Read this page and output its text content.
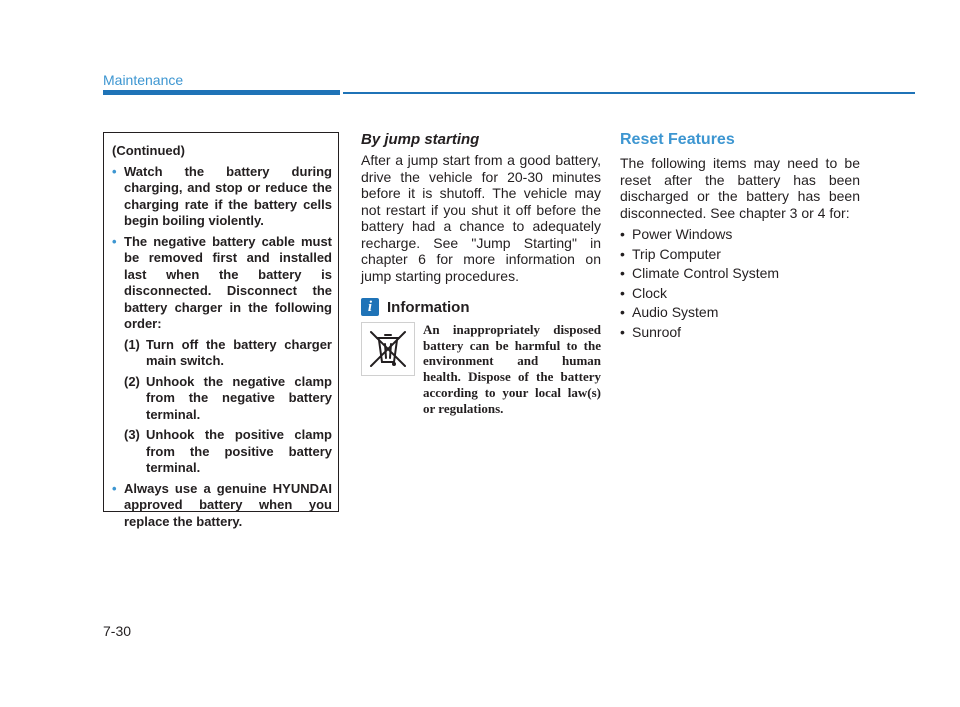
Maintenance
(Continued)
• Watch the battery during charging, and stop or reduce the charging rate if the battery cells begin boiling violently.
• The negative battery cable must be removed first and installed last when the battery is disconnected. Disconnect the battery charger in the following order:
(1) Turn off the battery charger main switch.
(2) Unhook the negative clamp from the negative battery terminal.
(3) Unhook the positive clamp from the positive battery terminal.
• Always use a genuine HYUNDAI approved battery when you replace the battery.
By jump starting

After a jump start from a good battery, drive the vehicle for 20-30 minutes before it is shutoff. The vehicle may not restart if you shut it off before the battery had a chance to adequately recharge. See "Jump Starting" in chapter 6 for more information on jump starting procedures.

i Information

An inappropriately disposed battery can be harmful to the environment and human health. Dispose of the battery according to your local law(s) or regulations.

Reset Features

The following items may need to be reset after the battery has been discharged or the battery has been disconnected. See chapter 3 or 4 for:

• Power Windows
• Trip Computer
• Climate Control System
• Clock
• Audio System
• Sunroof
7-30
